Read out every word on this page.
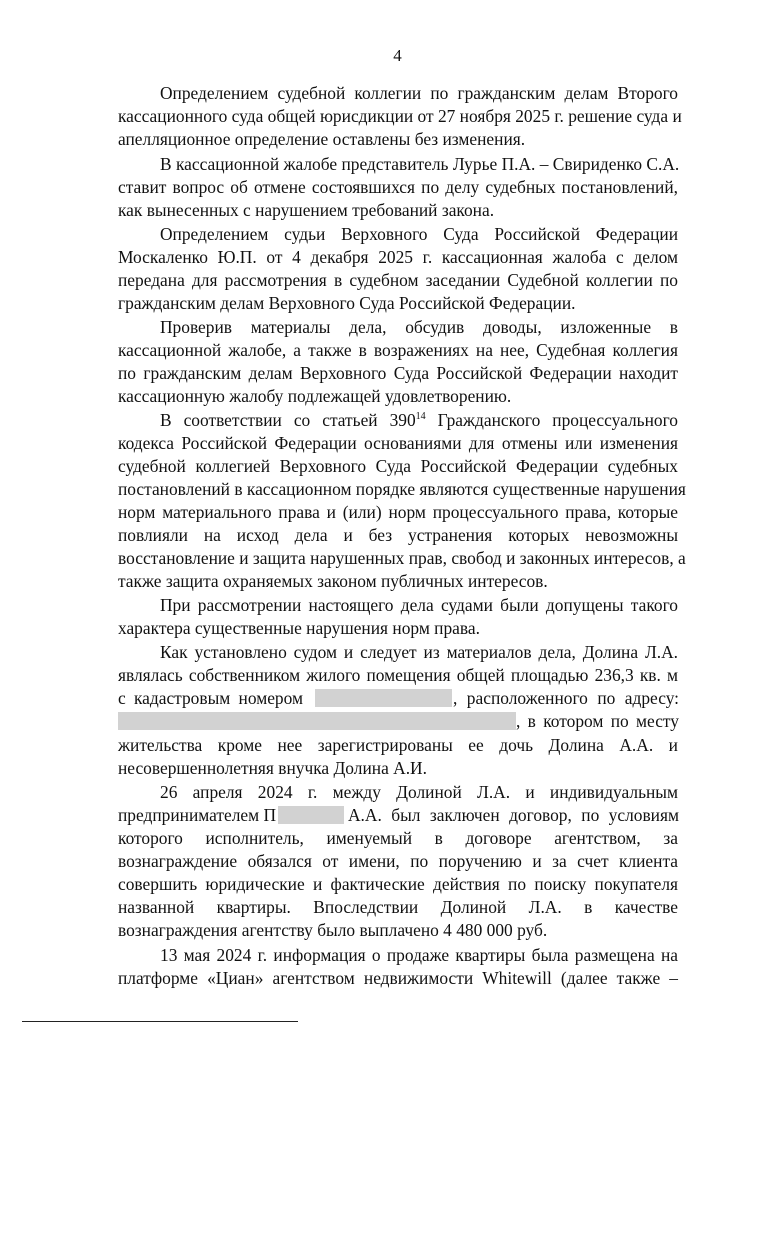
4
Определением судебной коллегии по гражданским делам Второго
кассационного суда общей юрисдикции от 27 ноября 2025 г. решение суда и
апелляционное определение оставлены без изменения.
В кассационной жалобе представитель Лурье П.А. – Свириденко С.А.
ставит вопрос об отмене состоявшихся по делу судебных постановлений,
как вынесенных с нарушением требований закона.
Определением судьи Верховного Суда Российской Федерации
Москаленко Ю.П. от 4 декабря 2025 г. кассационная жалоба с делом
передана для рассмотрения в судебном заседании Судебной коллегии по
гражданским делам Верховного Суда Российской Федерации.
Проверив материалы дела, обсудив доводы, изложенные в
кассационной жалобе, а также в возражениях на нее, Судебная коллегия
по гражданским делам Верховного Суда Российской Федерации находит
кассационную жалобу подлежащей удовлетворению.
В соответствии со статьей $390^{14}$ Гражданского процессуального
кодекса Российской Федерации основаниями для отмены или изменения
судебной коллегией Верховного Суда Российской Федерации судебных
постановлений в кассационном порядке являются существенные нарушения
норм материального права и (или) норм процессуального права, которые
повлияли на исход дела и без устранения которых невозможны
восстановление и защита нарушенных прав, свобод и законных интересов, а
также защита охраняемых законом публичных интересов.
При рассмотрении настоящего дела судами были допущены такого
характера существенные нарушения норм права.
Как установлено судом и следует из материалов дела, Долина Л.А.
являлась собственником жилого помещения общей площадью 236,3 кв. м
с кадастровым номером	, расположенного по адресу:
, в котором по месту
жительства кроме нее зарегистрированы ее дочь Долина А.А. и
несовершеннолетняя внучка Долина А.И.
26 апреля 2024 г. между Долиной Л.А. и индивидуальным
предпринимателем П	А.А. был заключен договор, по условиям
которого исполнитель, именуемый в договоре агентством, за
вознаграждение обязался от имени, по поручению и за счет клиента
совершить юридические и фактические действия по поиску покупателя
названной квартиры. Впоследствии Долиной Л.А. в качестве
вознаграждения агентству было выплачено 4 480 000 руб.
13 мая 2024 г. информация о продаже квартиры была размещена на
платформе «Циан» агентством недвижимости Whitewill (далее также –
